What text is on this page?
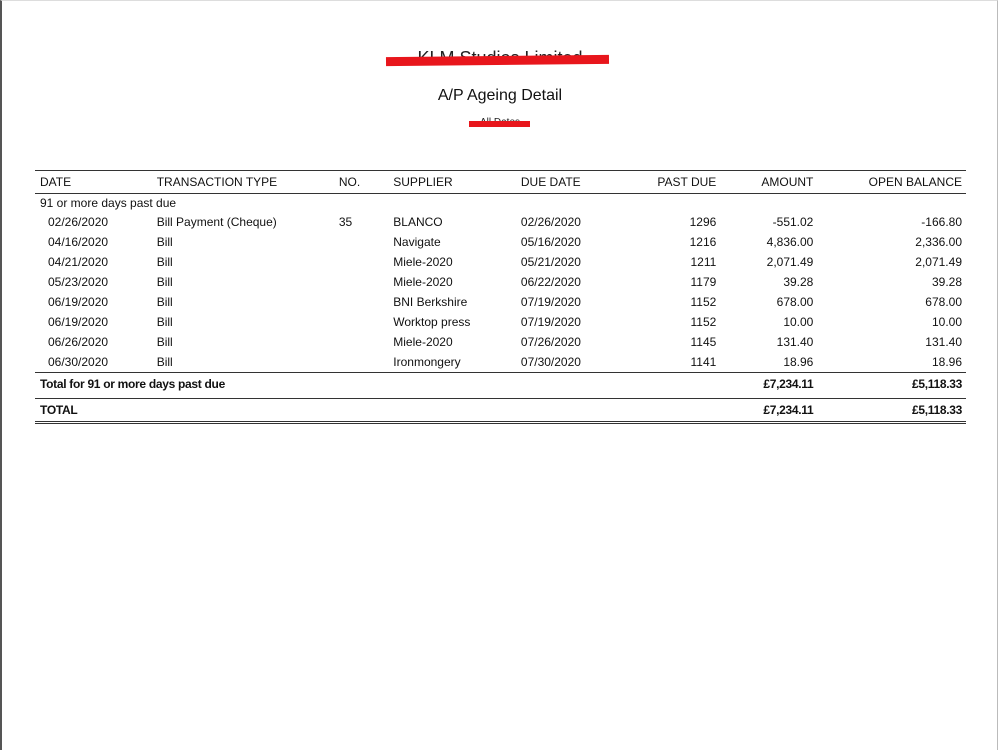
A/P Ageing Detail
DATE	TRANSACTION TYPE	NO.	SUPPLIER	DUE DATE	PAST DUE	AMOUNT	OPEN BALANCE
91 or more days past due							
02/26/2020	Bill Payment (Cheque)	35	BLANCO	02/26/2020	1296	-551.02	-166.80
04/16/2020	Bill		Navigate	05/16/2020	1216	4,836.00	2,336.00
04/21/2020	Bill		Miele-2020	05/21/2020	1211	2,071.49	2,071.49
05/23/2020	Bill		Miele-2020	06/22/2020	1179	39.28	39.28
06/19/2020	Bill		BNI Berkshire	07/19/2020	1152	678.00	678.00
06/19/2020	Bill		Worktop press	07/19/2020	1152	10.00	10.00
06/26/2020	Bill		Miele-2020	07/26/2020	1145	131.40	131.40
06/30/2020	Bill		Ironmongery	07/30/2020	1141	18.96	18.96
Total for 91 or more days past due						£7,234.11	£5,118.33

TOTAL						£7,234.11	£5,118.33
